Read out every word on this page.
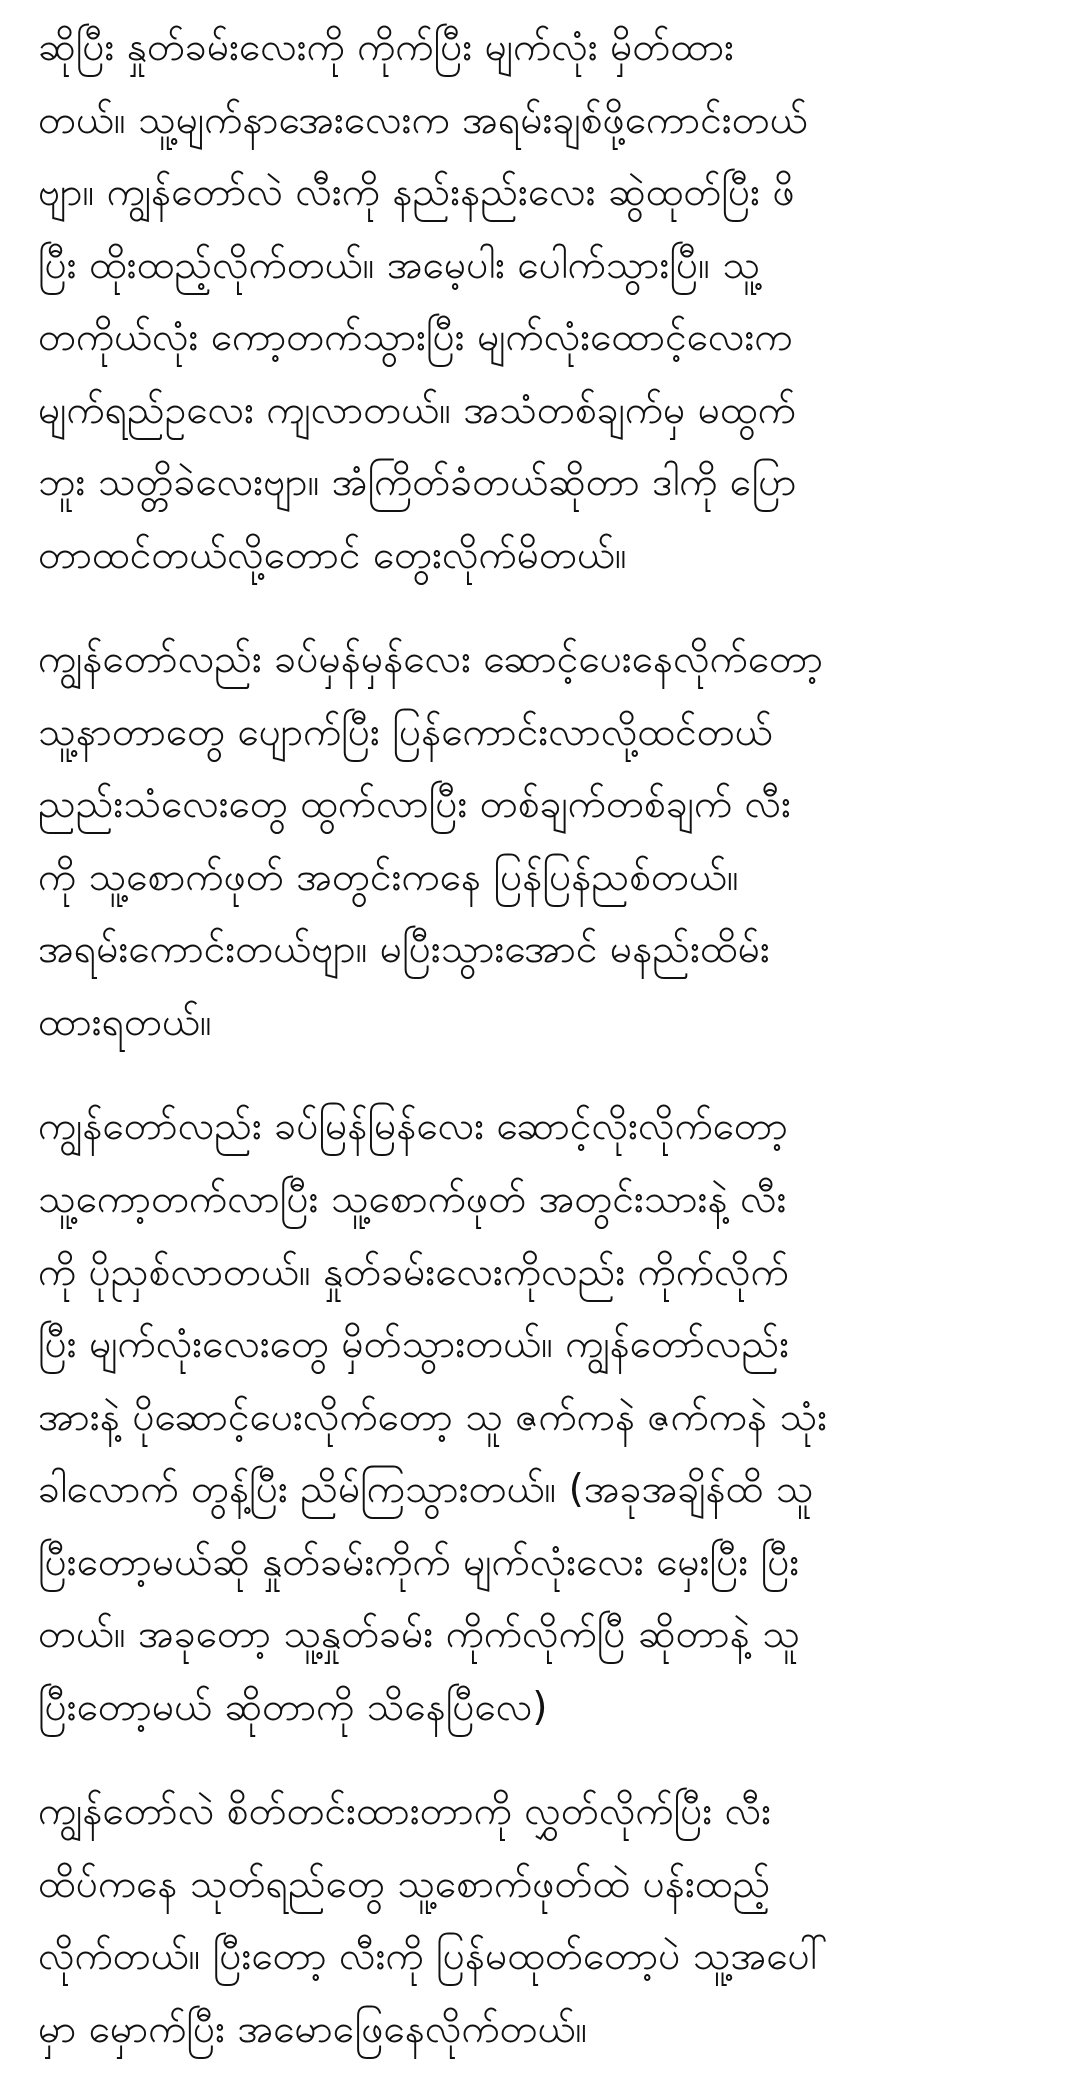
ဆိုပြီး နှုတ်ခမ်းလေးကို ကိုက်ပြီး မျက်လုံး မှိတ်ထား
တယ်။ သူ့မျက်နာအေးလေးက အရမ်းချစ်ဖို့ကောင်းတယ်
ဗျာ။ ကျွန်တော်လဲ လီးကို နည်းနည်းလေး ဆွဲထုတ်ပြီး ဖိ
ပြီး ထိုးထည့်လိုက်တယ်။ အမေ့ပါး ပေါက်သွားပြီ။ သူ့
တကိုယ်လုံး ကော့တက်သွားပြီး မျက်လုံးထောင့်လေးက
မျက်ရည်ဥလေး ကျလာတယ်။ အသံတစ်ချက်မှ မထွက်
ဘူး သတ္တိခဲလေးဗျာ။ အံကြိတ်ခံတယ်ဆိုတာ ဒါကို ပြော
တာထင်တယ်လို့တောင် တွေးလိုက်မိတယ်။

ကျွန်တော်လည်း ခပ်မှန်မှန်လေး ဆောင့်ပေးနေလိုက်တော့
သူ့နာတာတွေ ပျောက်ပြီး ပြန်ကောင်းလာလို့ထင်တယ်
ညည်းသံလေးတွေ ထွက်လာပြီး တစ်ချက်တစ်ချက် လီး
ကို သူ့စောက်ဖုတ် အတွင်းကနေ ပြန်ပြန်ညစ်တယ်။
အရမ်းကောင်းတယ်ဗျာ။ မပြီးသွားအောင် မနည်းထိမ်း
ထားရတယ်။

ကျွန်တော်လည်း ခပ်မြန်မြန်လေး ဆောင့်လိုးလိုက်တော့
သူ့ကော့တက်လာပြီး သူ့စောက်ဖုတ် အတွင်းသားနဲ့ လီး
ကို ပိုညှစ်လာတယ်။ နှုတ်ခမ်းလေးကိုလည်း ကိုက်လိုက်
ပြီး မျက်လုံးလေးတွေ မှိတ်သွားတယ်။ ကျွန်တော်လည်း
အားနဲ့ ပိုဆောင့်ပေးလိုက်တော့ သူ ဇက်ကနဲ ဇက်ကနဲ သုံး
ခါလောက် တွန့်ပြီး ညိမ်ကြသွားတယ်။ (အခုအချိန်ထိ သူ
ပြီးတော့မယ်ဆို နှုတ်ခမ်းကိုက် မျက်လုံးလေး မှေးပြီး ပြီး
တယ်။ အခုတော့ သူ့နှုတ်ခမ်း ကိုက်လိုက်ပြီ ဆိုတာနဲ့ သူ
ပြီးတော့မယ် ဆိုတာကို သိနေပြီလေ)

ကျွန်တော်လဲ စိတ်တင်းထားတာကို လွှတ်လိုက်ပြီး လီး
ထိပ်ကနေ သုတ်ရည်တွေ သူ့စောက်ဖုတ်ထဲ ပန်းထည့်
လိုက်တယ်။ ပြီးတော့ လီးကို ပြန်မထုတ်တော့ပဲ သူ့အပေါ်
မှာ မှောက်ပြီး အမောဖြေနေလိုက်တယ်။
